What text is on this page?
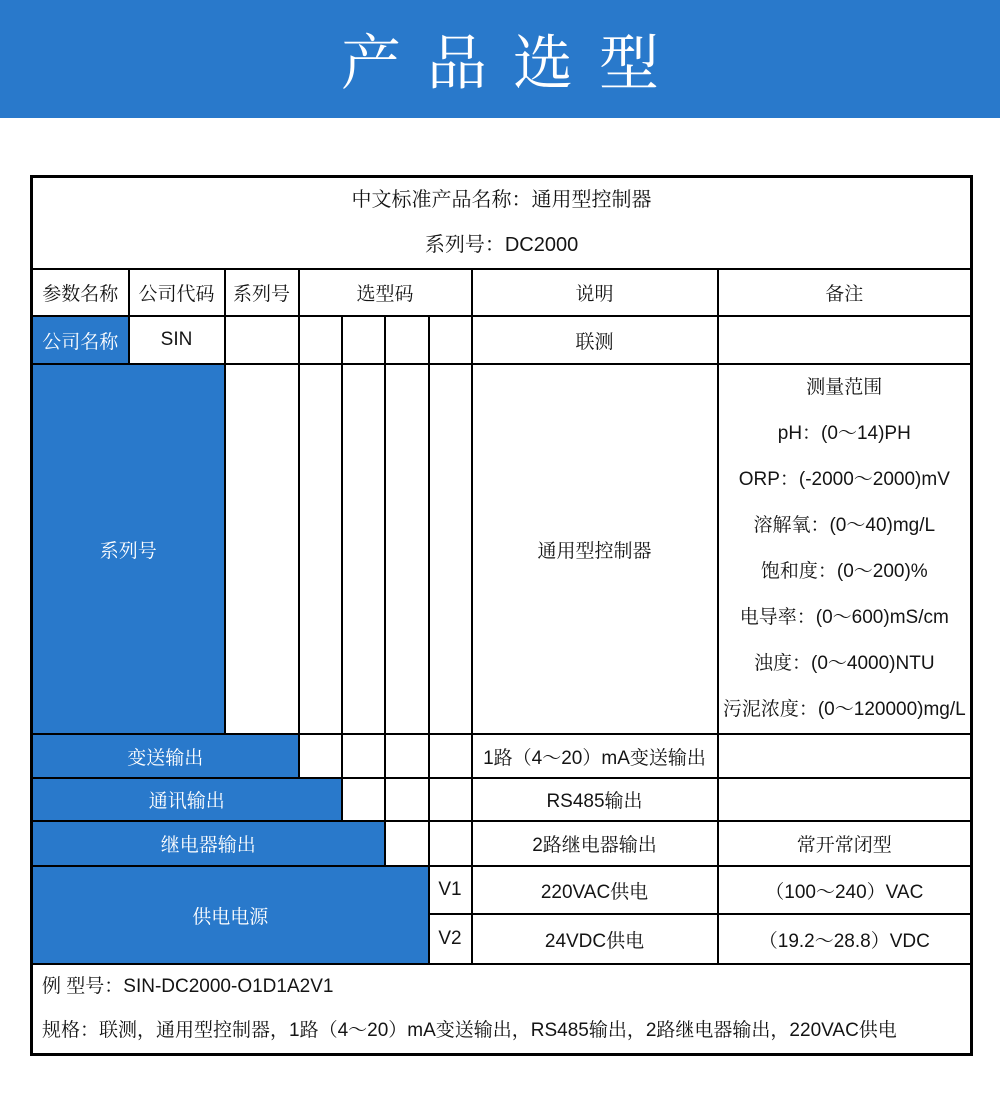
产品选型
中文标准产品名称：通用型控制器
系列号：DC2000								

参数名称	公司代码	系列号	选型码				说明	备注
公司名称	SIN						联测	
系列号						通用型控制器	
测量范围
pH：(0～14)PH
ORP：(-2000～2000)mV
溶解氧：(0～40)mg/L
饱和度：(0～200)%
电导率：(0～600)mS/cm
浊度：(0～4000)NTU
污泥浓度：(0～120000)mg/L

变送输出							1路（4～20）mA变送输出	
通讯输出							RS485输出	
继电器输出							2路继电器输出	常开常闭型
供电电源						V1	220VAC供电	（100～240）VAC
						V2	24VDC供电	（19.2～28.8）VDC

例 型号：SIN-DC2000-O1D1A2V1
规格：联测，通用型控制器，1路（4～20）mA变送输出，RS485输出，2路继电器输出，220VAC供电								
